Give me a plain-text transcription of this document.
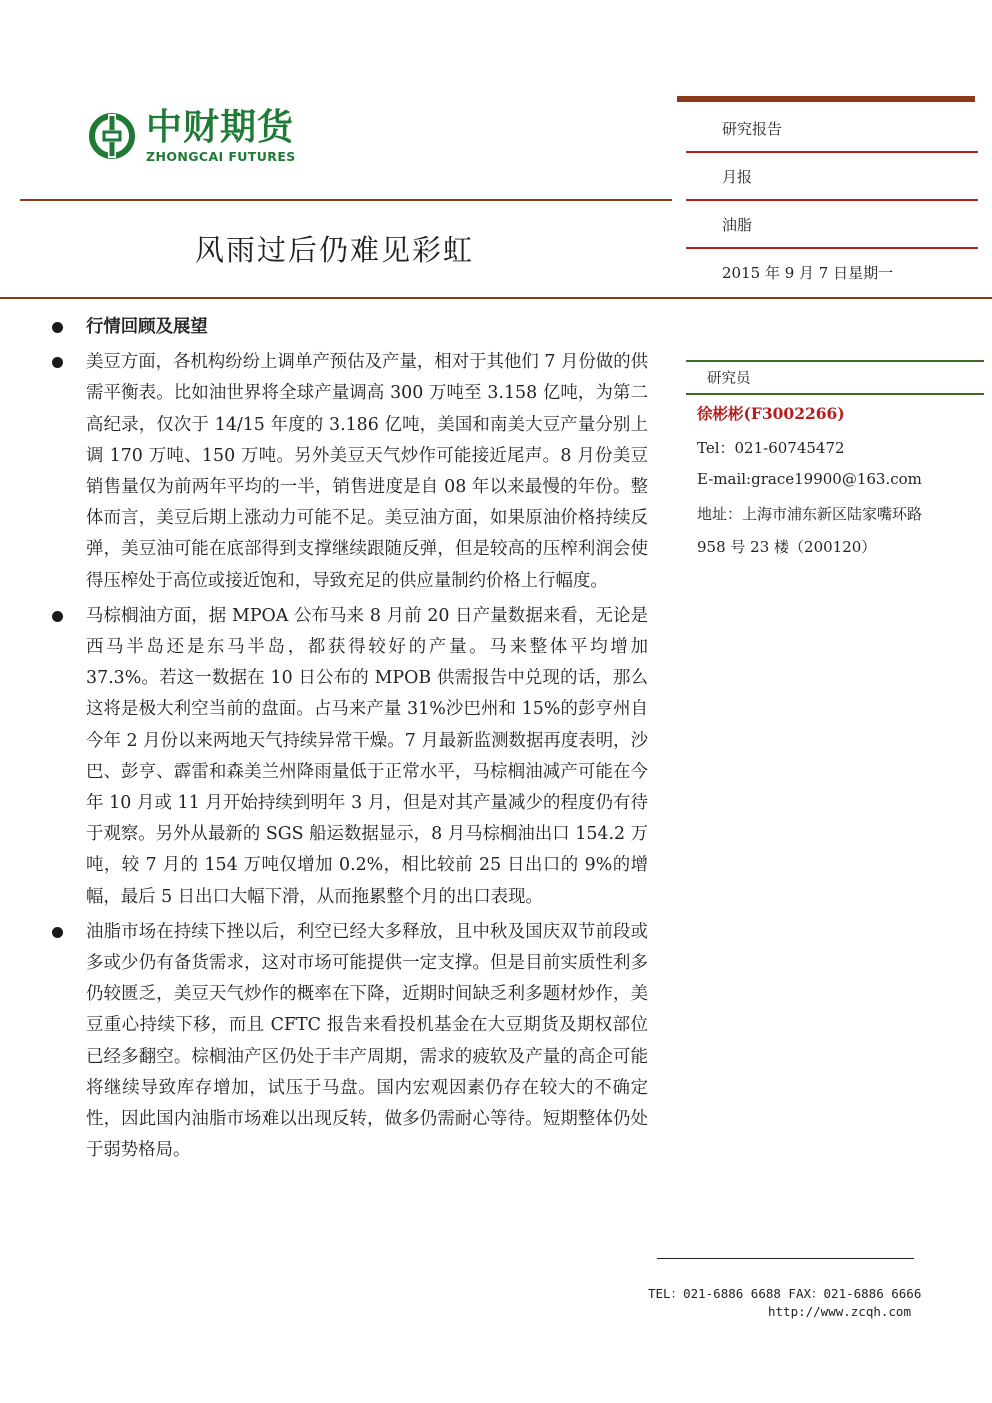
中财期货
ZHONGCAI FUTURES
研究报告
月报
油脂
2015 年 9 月 7 日星期一
风雨过后仍难见彩虹
行情回顾及展望
美豆方面，各机构纷纷上调单产预估及产量，相对于其他们 7 月份做的供需平衡表。比如油世界将全球产量调高 300 万吨至 3.158 亿吨，为第二高纪录，仅次于 14/15 年度的 3.186 亿吨，美国和南美大豆产量分别上调 170 万吨、150 万吨。另外美豆天气炒作可能接近尾声。8 月份美豆销售量仅为前两年平均的一半，销售进度是自 08 年以来最慢的年份。整体而言，美豆后期上涨动力可能不足。美豆油方面，如果原油价格持续反弹，美豆油可能在底部得到支撑继续跟随反弹，但是较高的压榨利润会使得压榨处于高位或接近饱和，导致充足的供应量制约价格上行幅度。
马棕榈油方面，据 MPOA 公布马来 8 月前 20 日产量数据来看，无论是西马半岛还是东马半岛，都获得较好的产量。马来整体平均增加 37.3%。若这一数据在 10 日公布的 MPOB 供需报告中兑现的话，那么这将是极大利空当前的盘面。占马来产量 31%沙巴州和 15%的彭亨州自今年 2 月份以来两地天气持续异常干燥。7 月最新监测数据再度表明，沙巴、彭亨、霹雷和森美兰州降雨量低于正常水平，马棕榈油减产可能在今年 10 月或 11 月开始持续到明年 3 月，但是对其产量减少的程度仍有待于观察。另外从最新的 SGS 船运数据显示，8 月马棕榈油出口 154.2 万吨，较 7 月的 154 万吨仅增加 0.2%，相比较前 25 日出口的 9%的增幅，最后 5 日出口大幅下滑，从而拖累整个月的出口表现。
油脂市场在持续下挫以后，利空已经大多释放，且中秋及国庆双节前段或多或少仍有备货需求，这对市场可能提供一定支撑。但是目前实质性利多仍较匮乏，美豆天气炒作的概率在下降，近期时间缺乏利多题材炒作，美豆重心持续下移，而且 CFTC 报告来看投机基金在大豆期货及期权部位已经多翻空。棕榈油产区仍处于丰产周期，需求的疲软及产量的高企可能将继续导致库存增加，试压于马盘。国内宏观因素仍存在较大的不确定性，因此国内油脂市场难以出现反转，做多仍需耐心等待。短期整体仍处于弱势格局。
研究员
徐彬彬(F3002266)
Tel：021-60745472
E-mail:grace19900@163.com
地址：上海市浦东新区陆家嘴环路
958 号 23 楼（200120）
TEL：021-6886 6688 FAX：021-6886 6666
http://www.zcqh.com
